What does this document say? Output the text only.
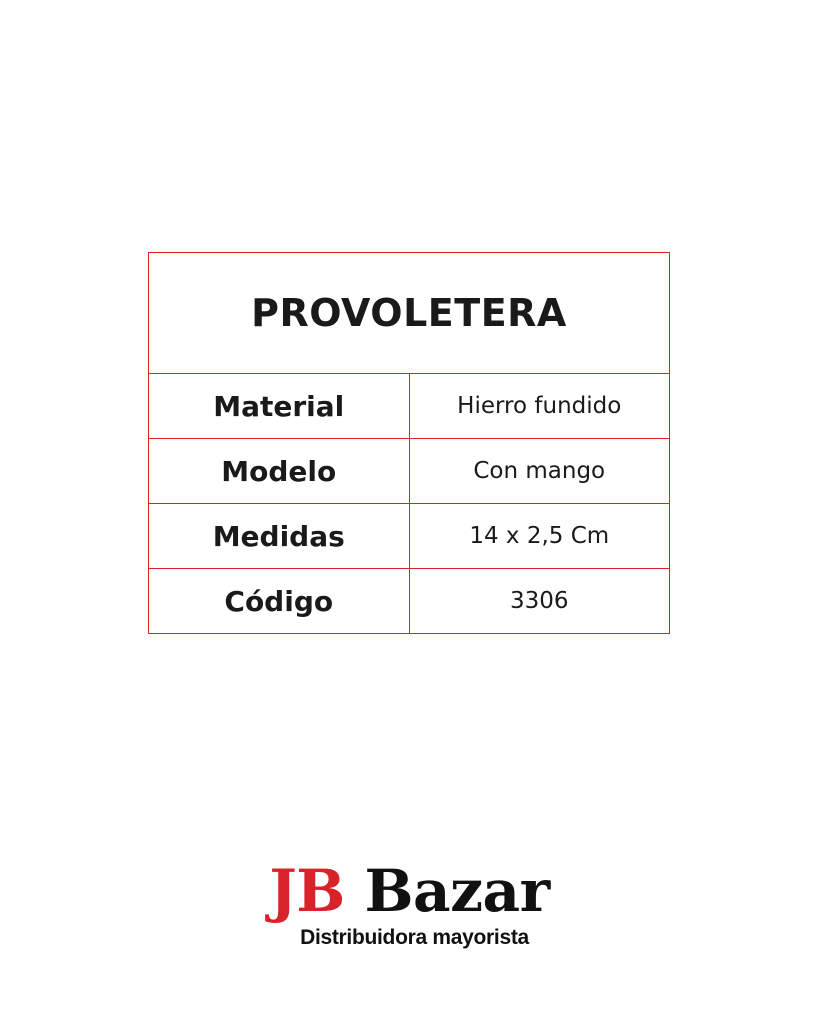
PROVOLETERA	
Material	Hierro fundido
Modelo	Con mango
Medidas	14 x 2,5 Cm
Código	3306
JB Bazar
Distribuidora mayorista
